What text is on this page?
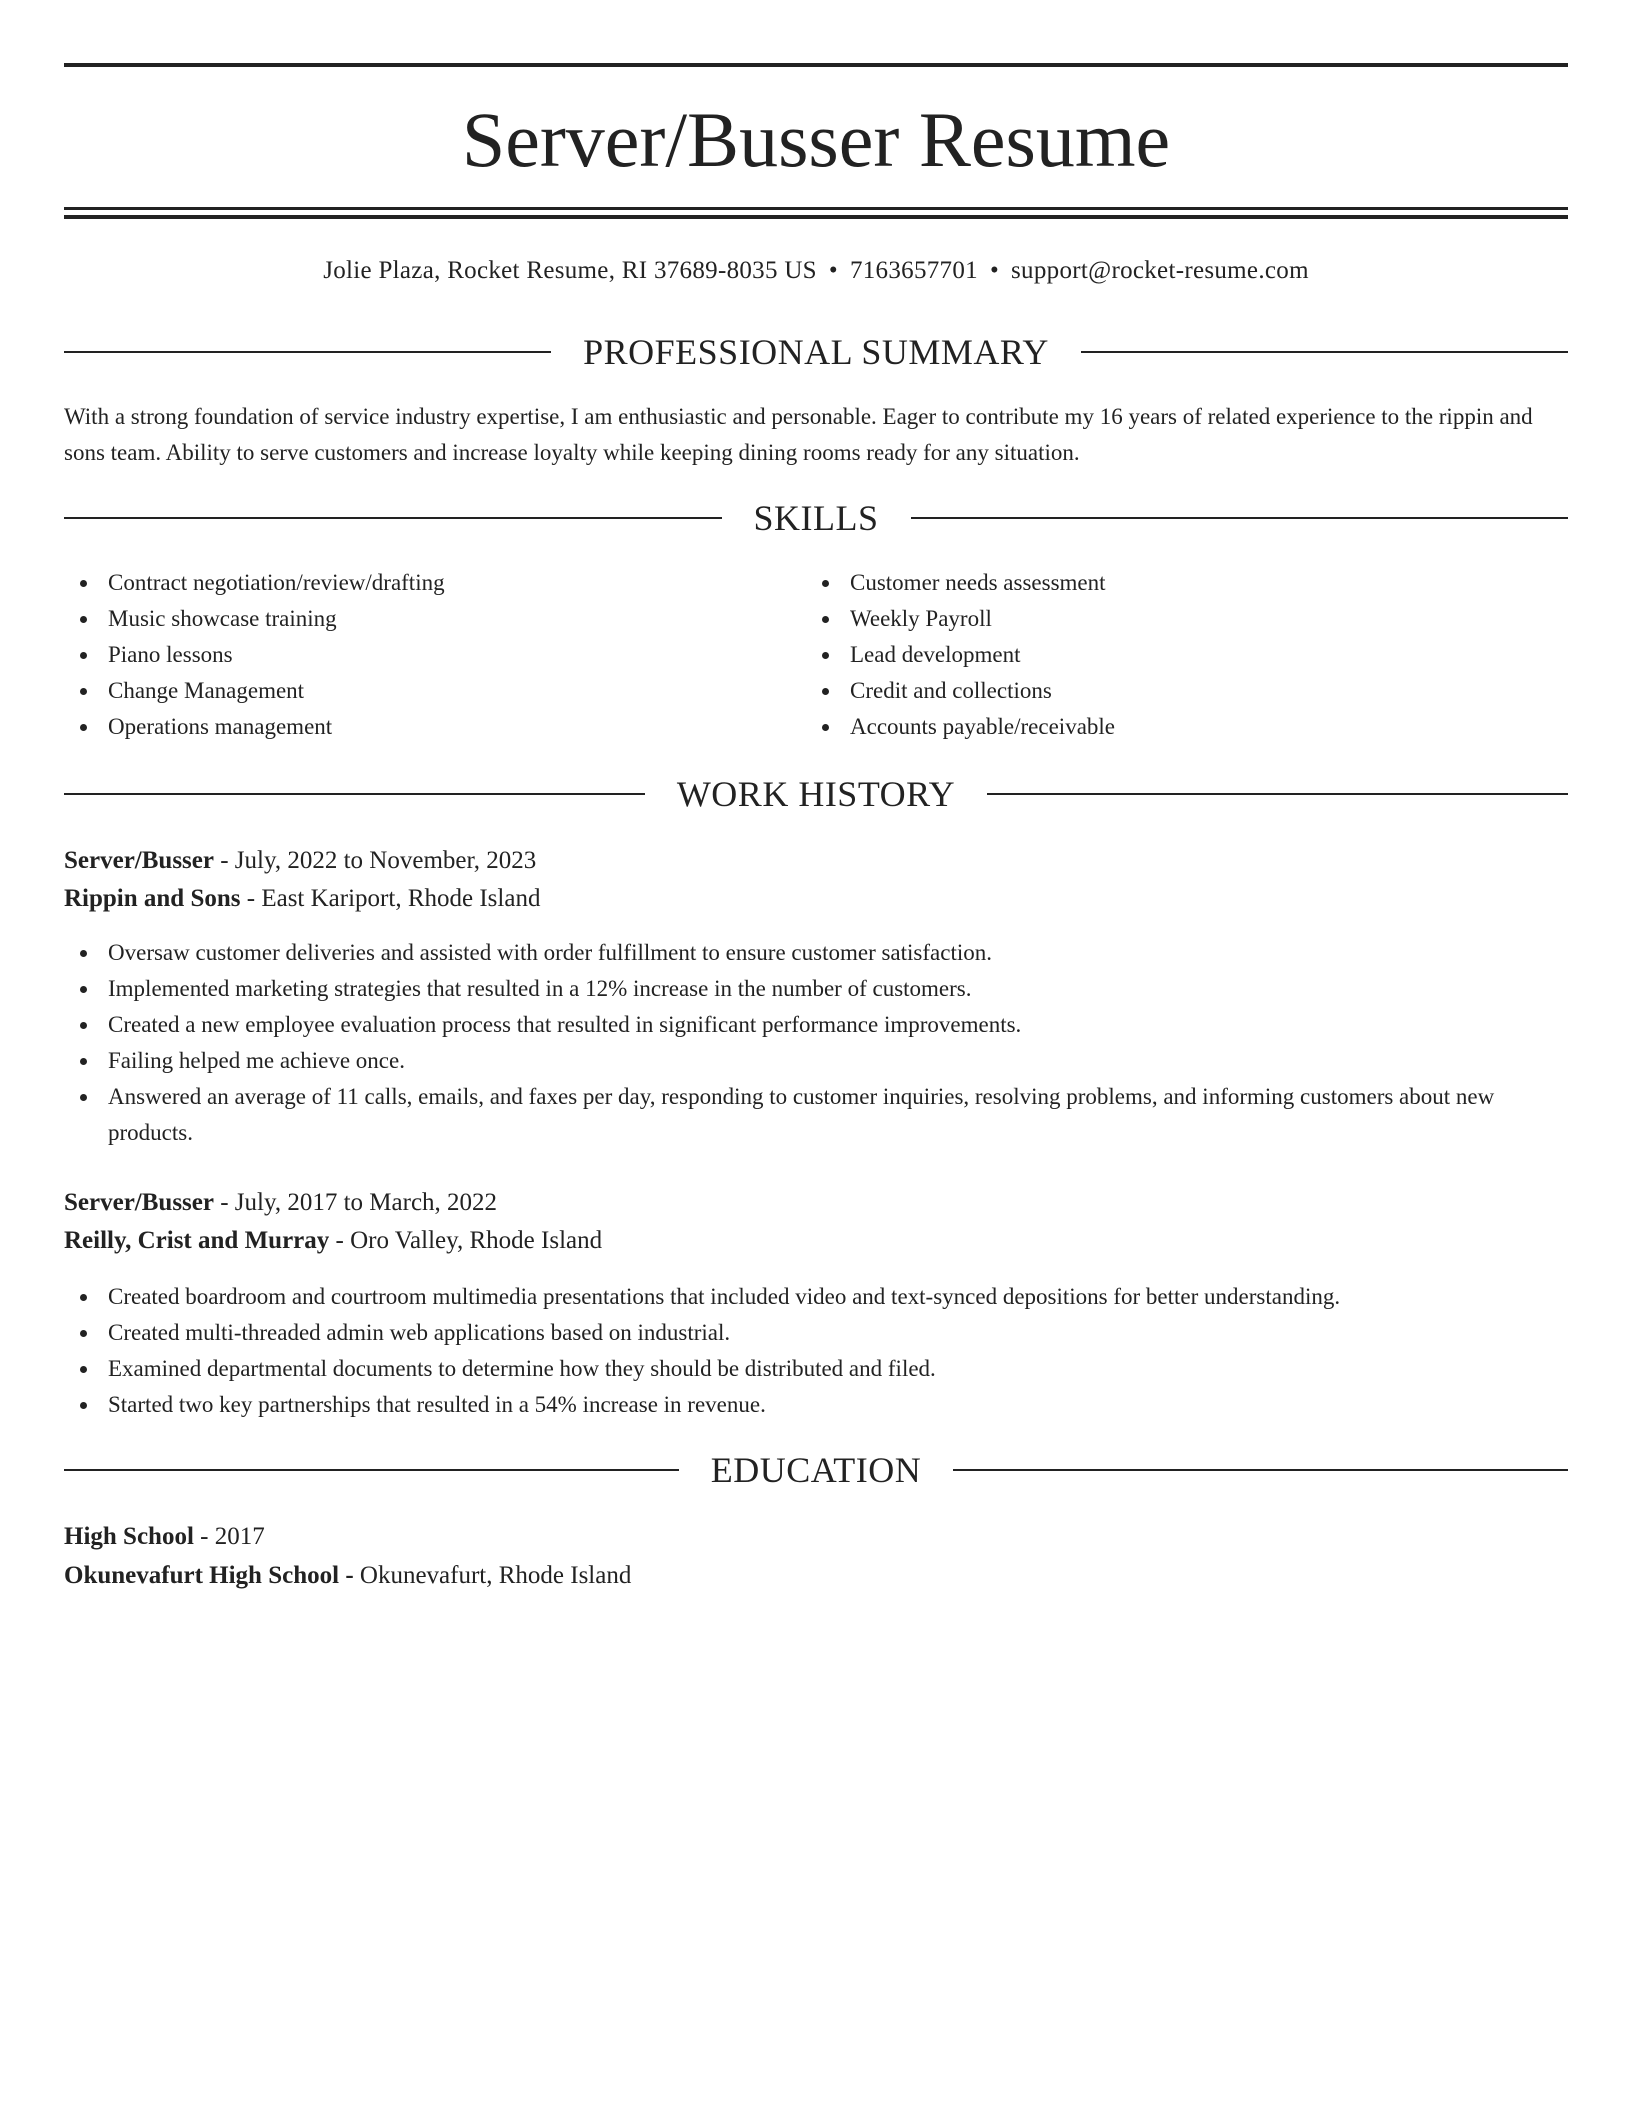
Server/Busser Resume
Jolie Plaza, Rocket Resume, RI 37689-8035 US • 7163657701 • support@rocket-resume.com
PROFESSIONAL SUMMARY

With a strong foundation of service industry expertise, I am enthusiastic and personable. Eager to contribute my 16 years of related experience to the rippin and sons team. Ability to serve customers and increase loyalty while keeping dining rooms ready for any situation.

SKILLS
Contract negotiation/review/drafting
Music showcase training
Piano lessons
Change Management
Operations management
Customer needs assessment
Weekly Payroll
Lead development
Credit and collections
Accounts payable/receivable
WORK HISTORY
Server/Busser - July, 2022 to November, 2023
Rippin and Sons - East Kariport, Rhode Island
Oversaw customer deliveries and assisted with order fulfillment to ensure customer satisfaction.
Implemented marketing strategies that resulted in a 12% increase in the number of customers.
Created a new employee evaluation process that resulted in significant performance improvements.
Failing helped me achieve once.
Answered an average of 11 calls, emails, and faxes per day, responding to customer inquiries, resolving problems, and informing customers about new products.
Server/Busser - July, 2017 to March, 2022
Reilly, Crist and Murray - Oro Valley, Rhode Island
Created boardroom and courtroom multimedia presentations that included video and text-synced depositions for better understanding.
Created multi-threaded admin web applications based on industrial.
Examined departmental documents to determine how they should be distributed and filed.
Started two key partnerships that resulted in a 54% increase in revenue.
EDUCATION
High School - 2017
Okunevafurt High School - Okunevafurt, Rhode Island
